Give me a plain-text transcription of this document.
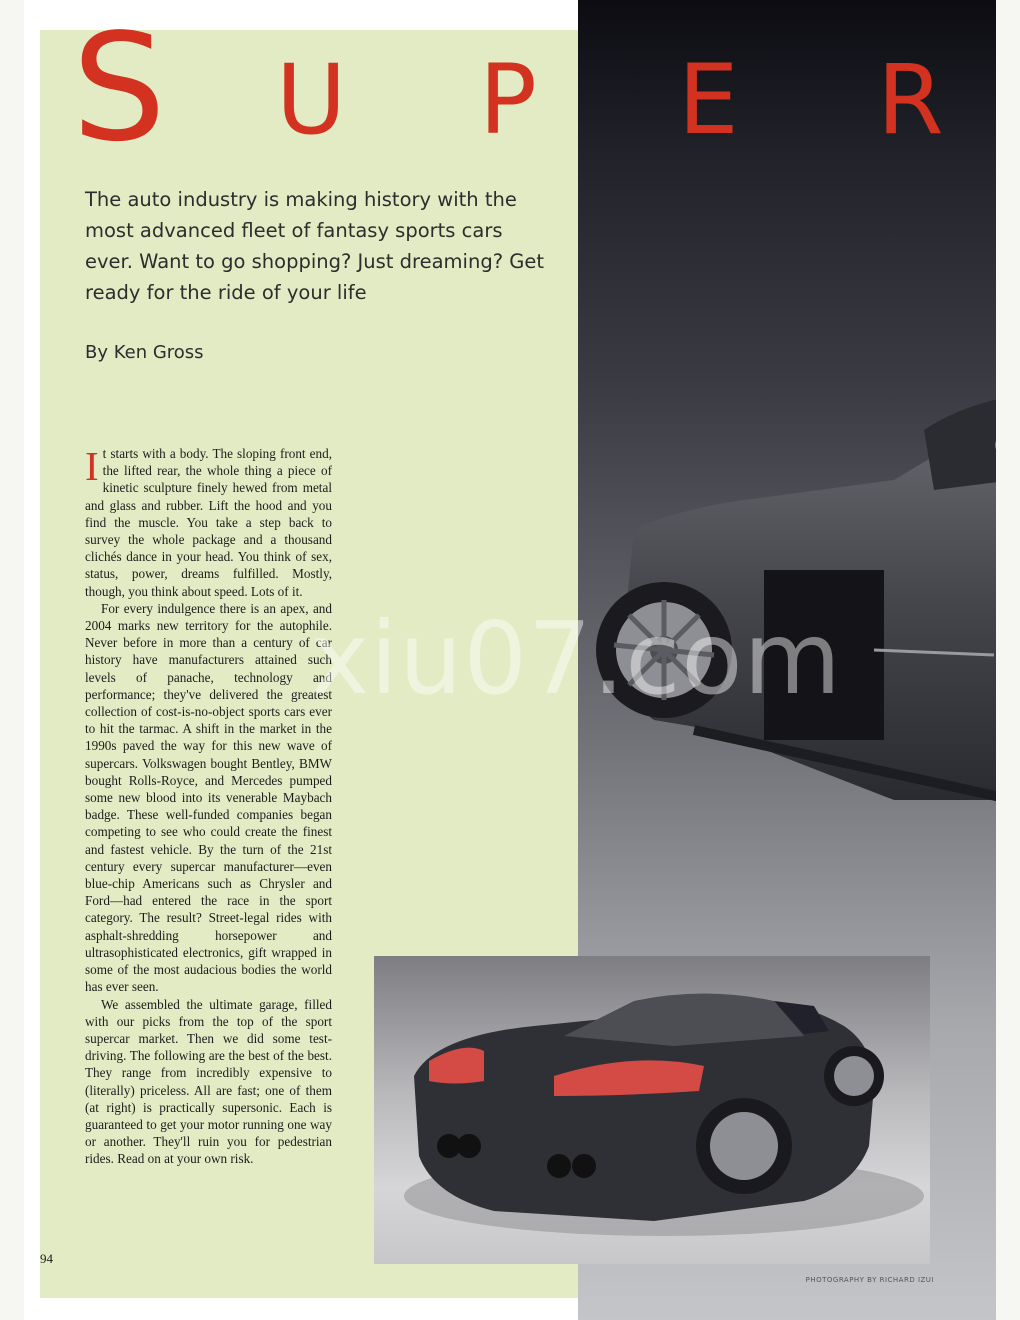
S U P E R
The auto industry is making history with the most advanced fleet of fantasy sports cars ever. Want to go shopping? Just dreaming? Get ready for the ride of your life
By Ken Gross

It starts with a body. The sloping front end, the lifted rear, the whole thing a piece of kinetic sculpture finely hewed from metal and glass and rubber. Lift the hood and you find the muscle. You take a step back to survey the whole package and a thousand clichés dance in your head. You think of sex, status, power, dreams fulfilled. Mostly, though, you think about speed. Lots of it.

For every indulgence there is an apex, and 2004 marks new territory for the autophile. Never before in more than a century of car history have manufacturers attained such levels of panache, technology and performance; they've delivered the greatest collection of cost-is-no-object sports cars ever to hit the tarmac. A shift in the market in the 1990s paved the way for this new wave of supercars. Volkswagen bought Bentley, BMW bought Rolls-Royce, and Mercedes pumped some new blood into its venerable Maybach badge. These well-funded companies began competing to see who could create the finest and fastest vehicle. By the turn of the 21st century every supercar manufacturer—even blue-chip Americans such as Chrysler and Ford—had entered the race in the sport category. The result? Street-legal rides with asphalt-shredding horsepower and ultrasophisticated electronics, gift wrapped in some of the most audacious bodies the world has ever seen.

We assembled the ultimate garage, filled with our picks from the top of the sport supercar market. Then we did some test-driving. The following are the best of the best. They range from incredibly expensive to (literally) priceless. All are fast; one of them (at right) is practically supersonic. Each is guaranteed to get your motor running one way or another. They'll ruin you for pedestrian rides. Read on at your own risk.

xiu07.com
94
PHOTOGRAPHY BY RICHARD IZUI
